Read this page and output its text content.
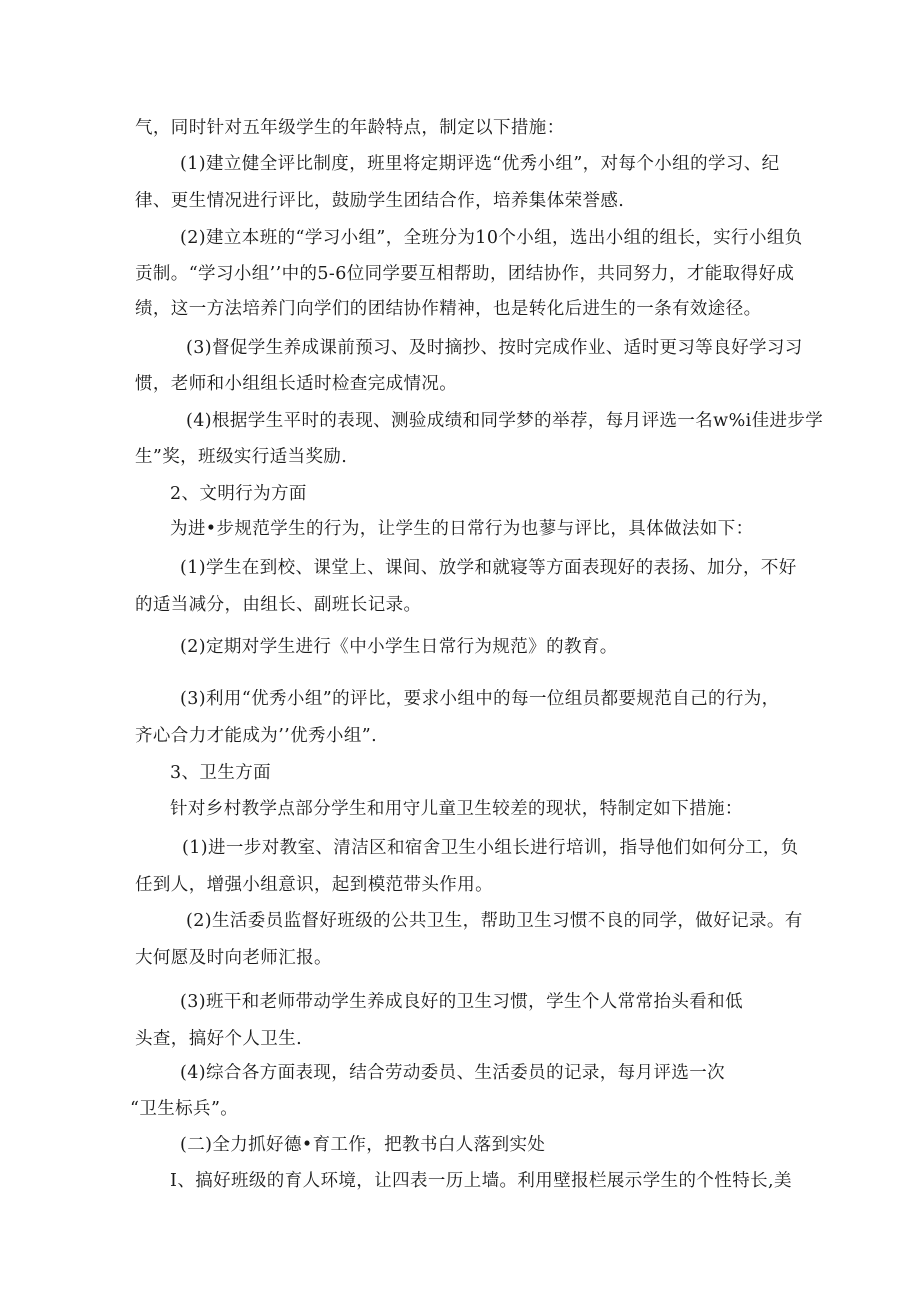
气，同时针对五年级学生的年龄特点，制定以下措施：
(1)建立健全评比制度，班里将定期评选“优秀小组”，对每个小组的学习、纪
律、更生情况进行评比，鼓励学生团结合作，培养集体荣誉感.
(2)建立本班的“学习小组”，全班分为10个小组，选出小组的组长，实行小组负
贡制。“学习小组’’中的5-6位同学要互相帮助，团结协作，共同努力，才能取得好成
绩，这一方法培养门向学们的团结协作精神，也是转化后进生的一条有效途径。
(3)督促学生养成课前预习、及时摘抄、按时完成作业、适时更习等良好学习习
惯，老师和小组组长适时检查完成情况。
(4)根据学生平时的表现、测验成绩和同学梦的举荐，每月评选一名w%i佳进步学
生”奖，班级实行适当奖励.
2、文明行为方面
为进•步规范学生的行为，让学生的日常行为也蓼与评比，具体做法如下：
(1)学生在到校、课堂上、课间、放学和就寝等方面表现好的表扬、加分，不好
的适当减分，由组长、副班长记录。
(2)定期对学生进行《中小学生日常行为规范》的教育。
(3)利用“优秀小组”的评比，要求小组中的每一位组员都要规范自己的行为，
齐心合力才能成为’’优秀小组”.
3、卫生方面
针对乡村教学点部分学生和用守儿童卫生较差的现状，特制定如下措施：
(1)进一步对教室、清洁区和宿舍卫生小组长进行培训，指导他们如何分工，负
任到人，增强小组意识，起到模范带头作用。
(2)生活委员监督好班级的公共卫生，帮助卫生习惯不良的同学，做好记录。有
大何愿及时向老师汇报。
(3)班干和老师带动学生养成良好的卫生习惯，学生个人常常抬头看和低
头查，搞好个人卫生.
(4)综合各方面表现，结合劳动委员、生活委员的记录，每月评选一次
“卫生标兵”。
(二)全力抓好德•育工作，把教书白人落到实处
I、搞好班级的育人环境，让四表一历上墙。利用壁报栏展示学生的个性特长,美
